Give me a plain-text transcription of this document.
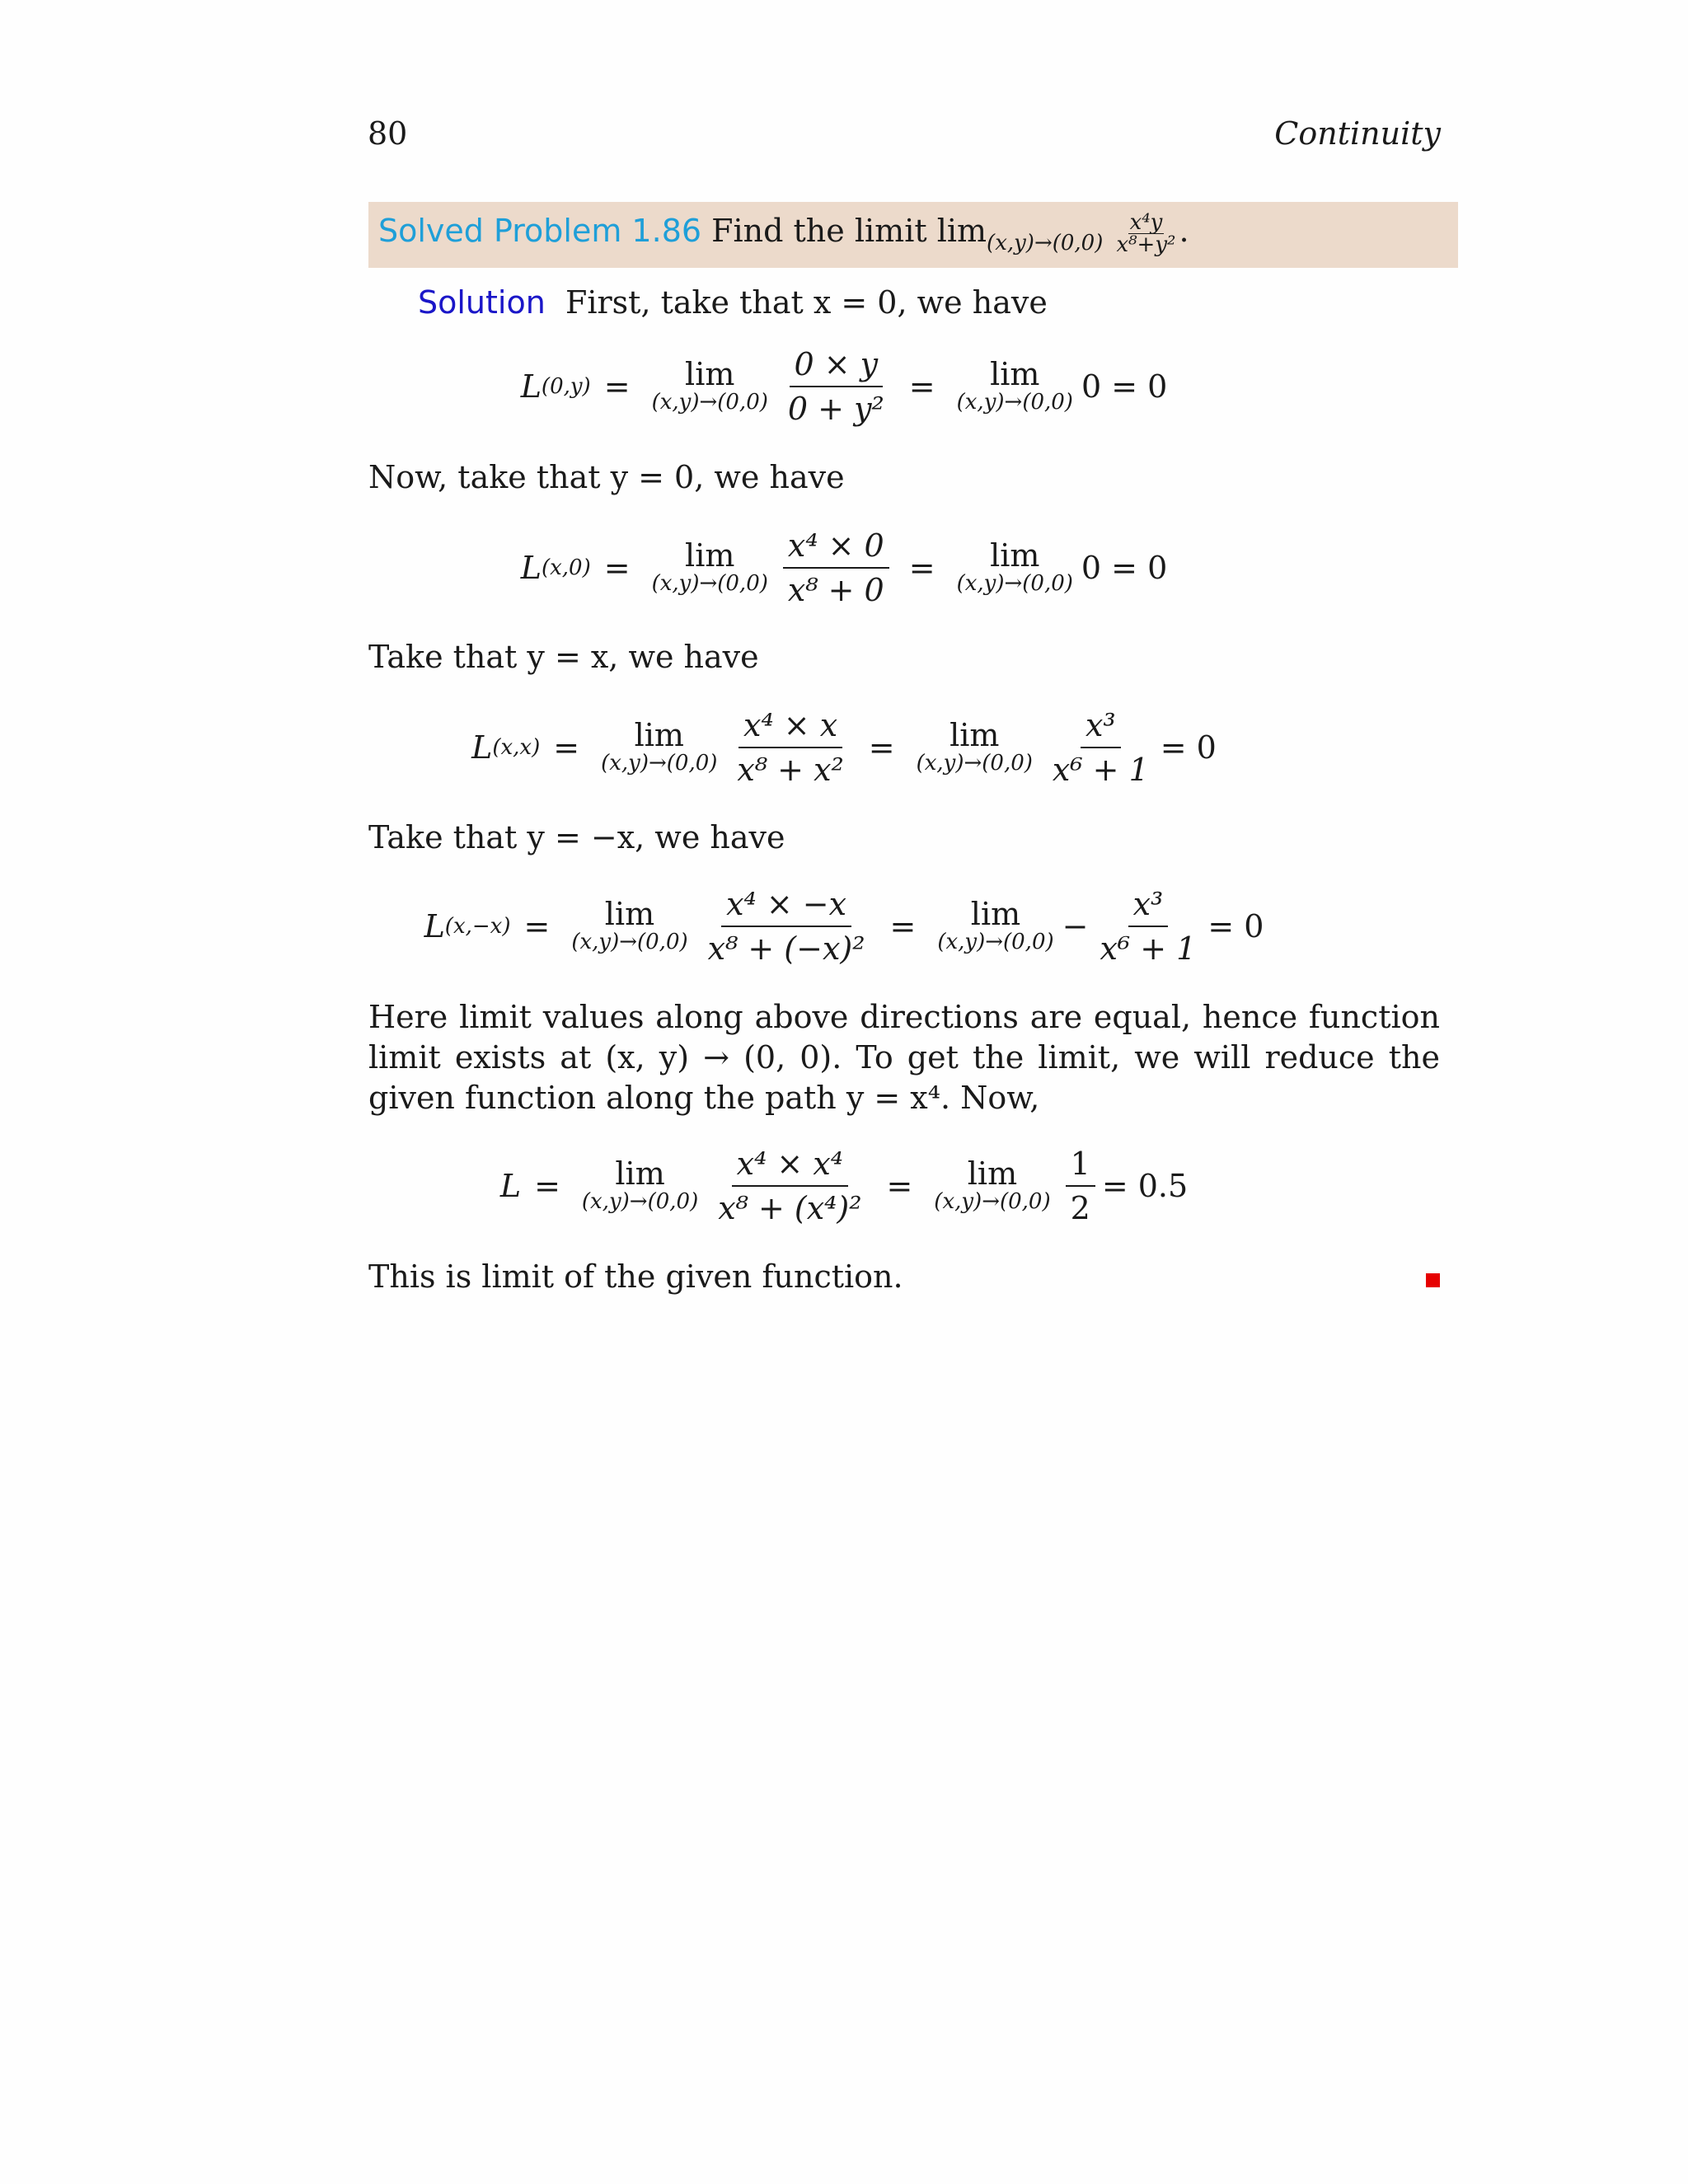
80	Continuity
Solved Problem 1.86 Find the limit $\lim_{(x,y)\to(0,0)} \frac{\text{x⁴y}}{\text{x⁸+y²}}$ .
Solution First, take that x = 0, we have
L (0,y) = lim
$(x,y)\to(0,0) \frac{0 \times y}{\text{0 + y²}} = \lim$
(x,y)→(0,0) 0 = 0
Now, take that y = 0, we have
L (x,0) = lim
$(x,y)\to(0,0) \frac{\text{x⁴ × 0}}{\text{x⁸ + 0}} = \lim$
(x,y)→(0,0) 0 = 0
Take that y = x, we have
L (x,x) = lim
$(x,y)\to(0,0) \frac{\text{x⁴ × x}}{\text{x⁸ + x²}} = \lim$
$(x,y)\to(0,0) \frac{\text{x³}}{\text{x⁶ + 1}} = 0$
Take that y = −x, we have
L (x,−x) = lim
$(x,y)\to(0,0) \frac{\text{x⁴ × −x}}{\text{x⁸ + (−x)²}} = \lim$
$(x,y)\to(0,0) - \frac{\text{x³}}{\text{x⁶ + 1}} = 0$
Here limit values along above directions are equal, hence function limit exists at (x, y) → (0, 0). To get the limit, we will reduce the given function along the path y = x⁴. Now,
L = lim
$(x,y)\to(0,0) \frac{\text{x⁴ × x⁴}}{\text{x⁸ + (x⁴)²}} = \lim$
$(x,y)\to(0,0) \frac{1}{2} = 0.5$
This is limit of the given function.
